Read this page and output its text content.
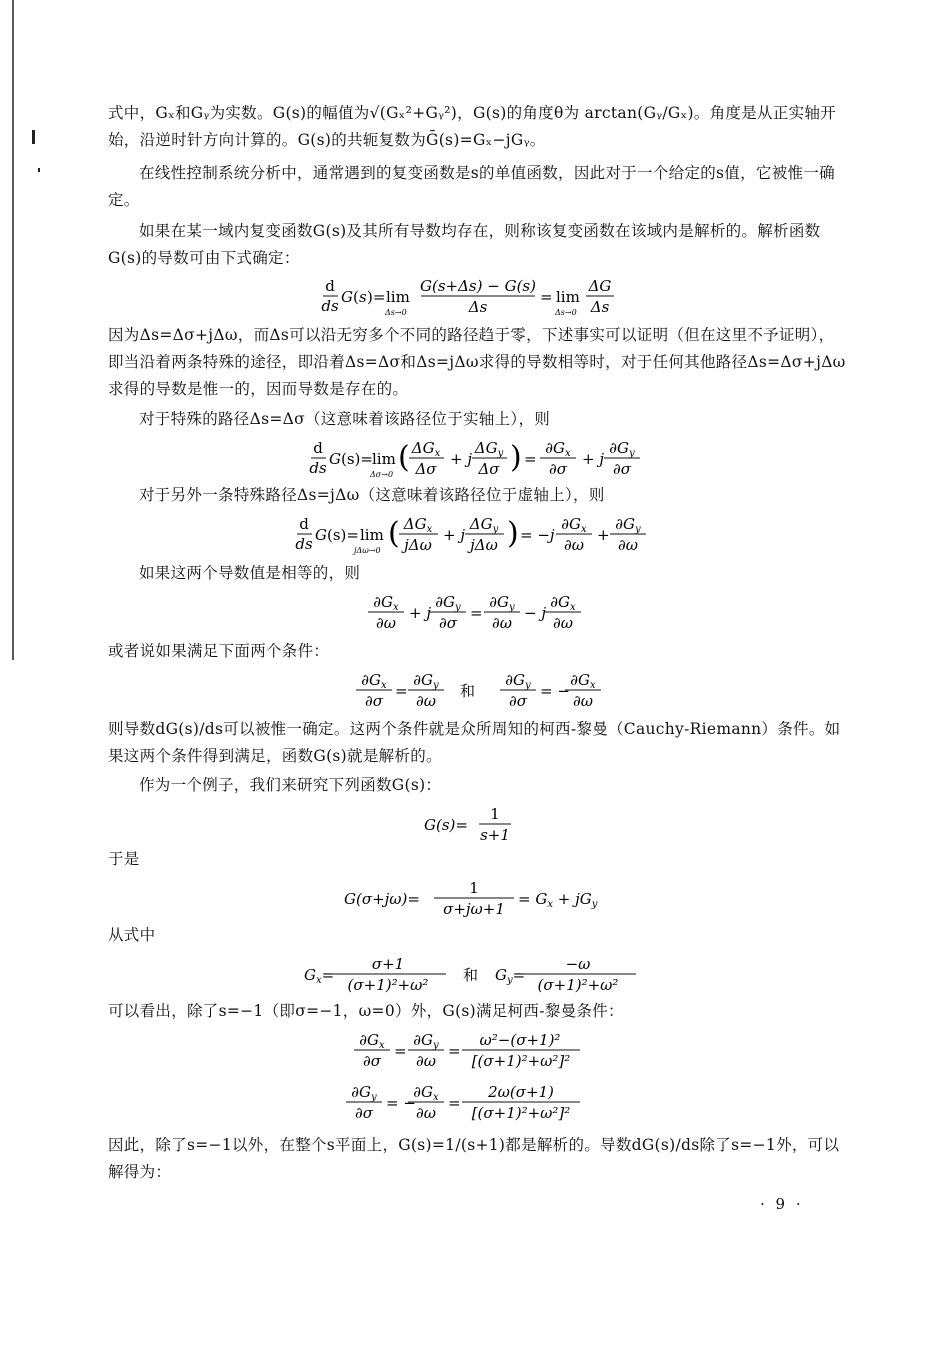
式中，Gₓ和Gᵧ为实数。G(s)的幅值为√(Gₓ²+Gᵧ²)，G(s)的角度θ为 arctan(Gᵧ/Gₓ)。角度是从正实轴开始，沿逆时针方向计算的。G(s)的共轭复数为Ḡ(s)=Gₓ−jGᵧ。

在线性控制系统分析中，通常遇到的复变函数是s的单值函数，因此对于一个给定的s值，它被惟一确定。

如果在某一域内复变函数G(s)及其所有导数均存在，则称该复变函数在该域内是解析的。解析函数G(s)的导数可由下式确定：

d
ds G ( s )= lim
Δs→0
G(s+Δs) − G(s)
Δs
= lim
Δs→0
ΔG
Δs

因为Δs=Δσ+jΔω，而Δs可以沿无穷多个不同的路径趋于零，下述事实可以证明（但在这里不予证明），即当沿着两条特殊的途径，即沿着Δs=Δσ和Δs=jΔω求得的导数相等时，对于任何其他路径Δs=Δσ+jΔω求得的导数是惟一的，因而导数是存在的。

对于特殊的路径Δs=Δσ（这意味着该路径位于实轴上），则

d
ds G (s)= lim
Δσ→0 ( $\Delta G_x$
Δσ
+ j
$\Delta G_y$
Δσ ) =
$\partial G_x$
∂σ
+ j
$\partial G_y$
∂σ

对于另外一条特殊路径Δs=jΔω（这意味着该路径位于虚轴上），则

d
ds G (s)= lim
jΔω→0 ( $\Delta G_x$
jΔω
+ j
$\Delta G_y$
jΔω ) = −j
$\partial G_x$
∂ω
+
$\partial G_y$
∂ω

如果这两个导数值是相等的，则

$\partial G_x$
∂ω
+ j
$\partial G_y$
∂σ
=
$\partial G_y$
∂ω
− j
$\partial G_x$
∂ω

或者说如果满足下面两个条件：

$\partial G_x$
∂σ
=
$\partial G_y$
∂ω
和
$\partial G_y$
∂σ
= −
$\partial G_x$
∂ω

则导数dG(s)/ds可以被惟一确定。这两个条件就是众所周知的柯西-黎曼（Cauchy-Riemann）条件。如果这两个条件得到满足，函数G(s)就是解析的。

作为一个例子，我们来研究下列函数G(s)：

G(s)=
1
s+1

于是

G(σ+jω)=
1
σ+jω+1
= $G_x + jG_y$

从式中

$G_x=$
σ+1
(σ+1)²+ω²
和 $G_y=$
−ω
(σ+1)²+ω²

可以看出，除了s=−1（即σ=−1，ω=0）外，G(s)满足柯西-黎曼条件：

$\partial G_x$
∂σ
=
$\partial G_y$
∂ω
=
ω²−(σ+1)²
[(σ+1)²+ω²]²
$\partial G_y$
∂σ
= −
$\partial G_x$
∂ω
=
2ω(σ+1)
[(σ+1)²+ω²]²

因此，除了s=−1以外，在整个s平面上，G(s)=1/(s+1)都是解析的。导数dG(s)/ds除了s=−1外，可以解得为：

· 9 ·
